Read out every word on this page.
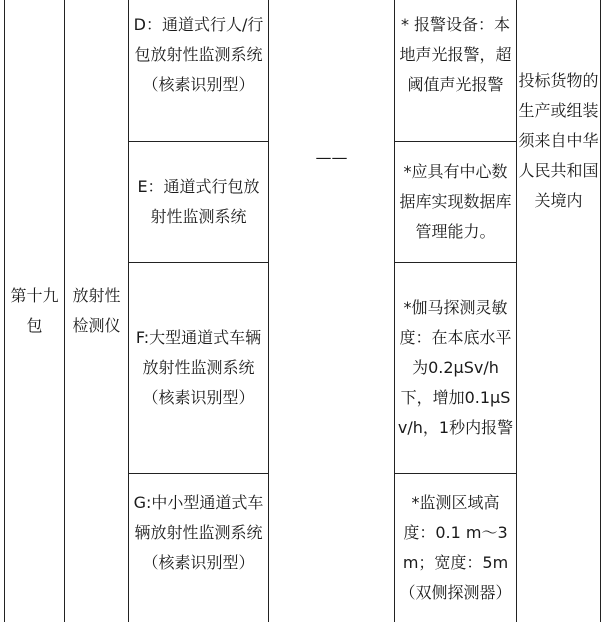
第十九包
放射性检测仪
D：通道式行人/行包放射性监测系统（核素识别型）
E：通道式行包放射性监测系统
F:大型通道式车辆放射性监测系统（核素识别型）
G:中小型通道式车辆放射性监测系统（核素识别型）
——
* 报警设备：本地声光报警，超阈值声光报警
*应具有中心数据库实现数据库管理能力。
*伽马探测灵敏度：在本底水平为0.2μSv/h下，增加0.1μSv/h，1秒内报警
*监测区域高度：0.1 m～3m；宽度：5m（双侧探测器）
投标货物的生产或组装须来自中华人民共和国关境内
